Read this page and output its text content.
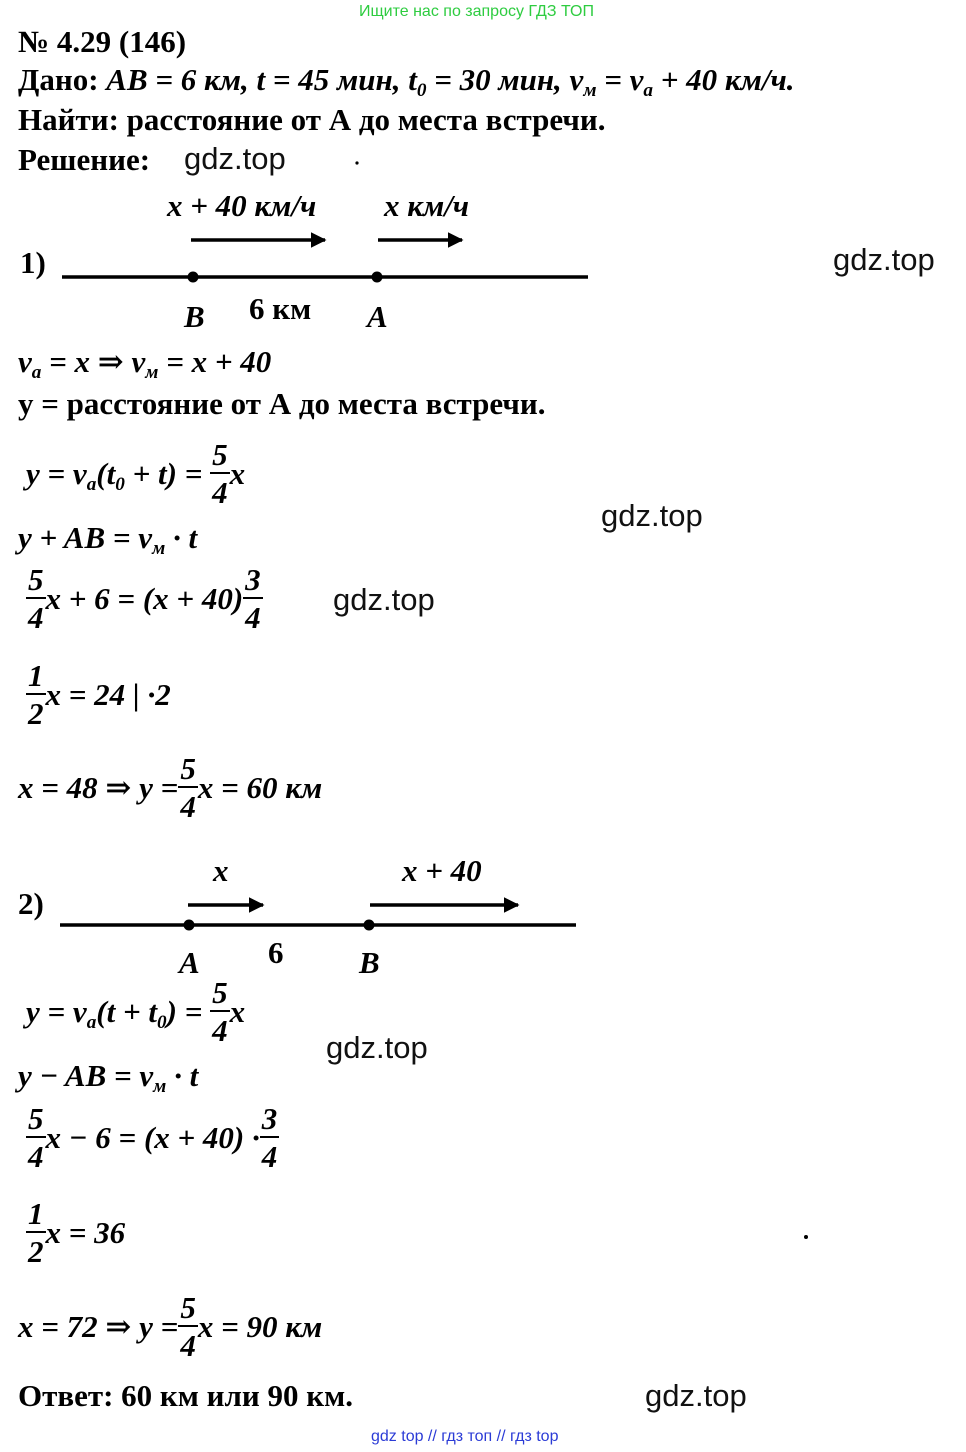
Ищите нас по запросу ГДЗ ТОП
№ 4.29 (146)
Дано:
AB = 6 км,
t = 45 мин,
$t_0 = 30$ мин,
$v_м = v_а + 40$ км/ч.
Найти: расстояние от А до места встречи.
Решение: gdz.top
gdz.top
gdz.top
gdz.top
gdz.top
gdz.top
x + 40 км/ч x км/ч
1)
B 6 км A
$v_a = x$ ⇒ $v_м = x + 40$
y = расстояние от А до места встречи.
$y = v_а(t_0 + t)$ =
$\frac{5}{4}$ x
y + AB = $v_м \cdot t$
$\frac{5}{4}$ $x + 6 = (x + 40) \frac{3}{4}$
$\frac{1}{2}$ x = 24 | ·2
x = 48 ⇒ $y = \frac{5}{4}$ x = 60 км
x	x + 40
2)
A 6 B
$y = v_а(t + t_0)$ =
$\frac{5}{4}$ x
y − AB = $v_м \cdot t$
$\frac{5}{4}$ $x - 6 = (x + 40) \cdot \frac{3}{4}$
$\frac{1}{2}$ x = 36
x = 72 ⇒ $y = \frac{5}{4}$ x = 90 км
Ответ: 60 км или 90 км.
gdz top // гдз топ // гдз top
